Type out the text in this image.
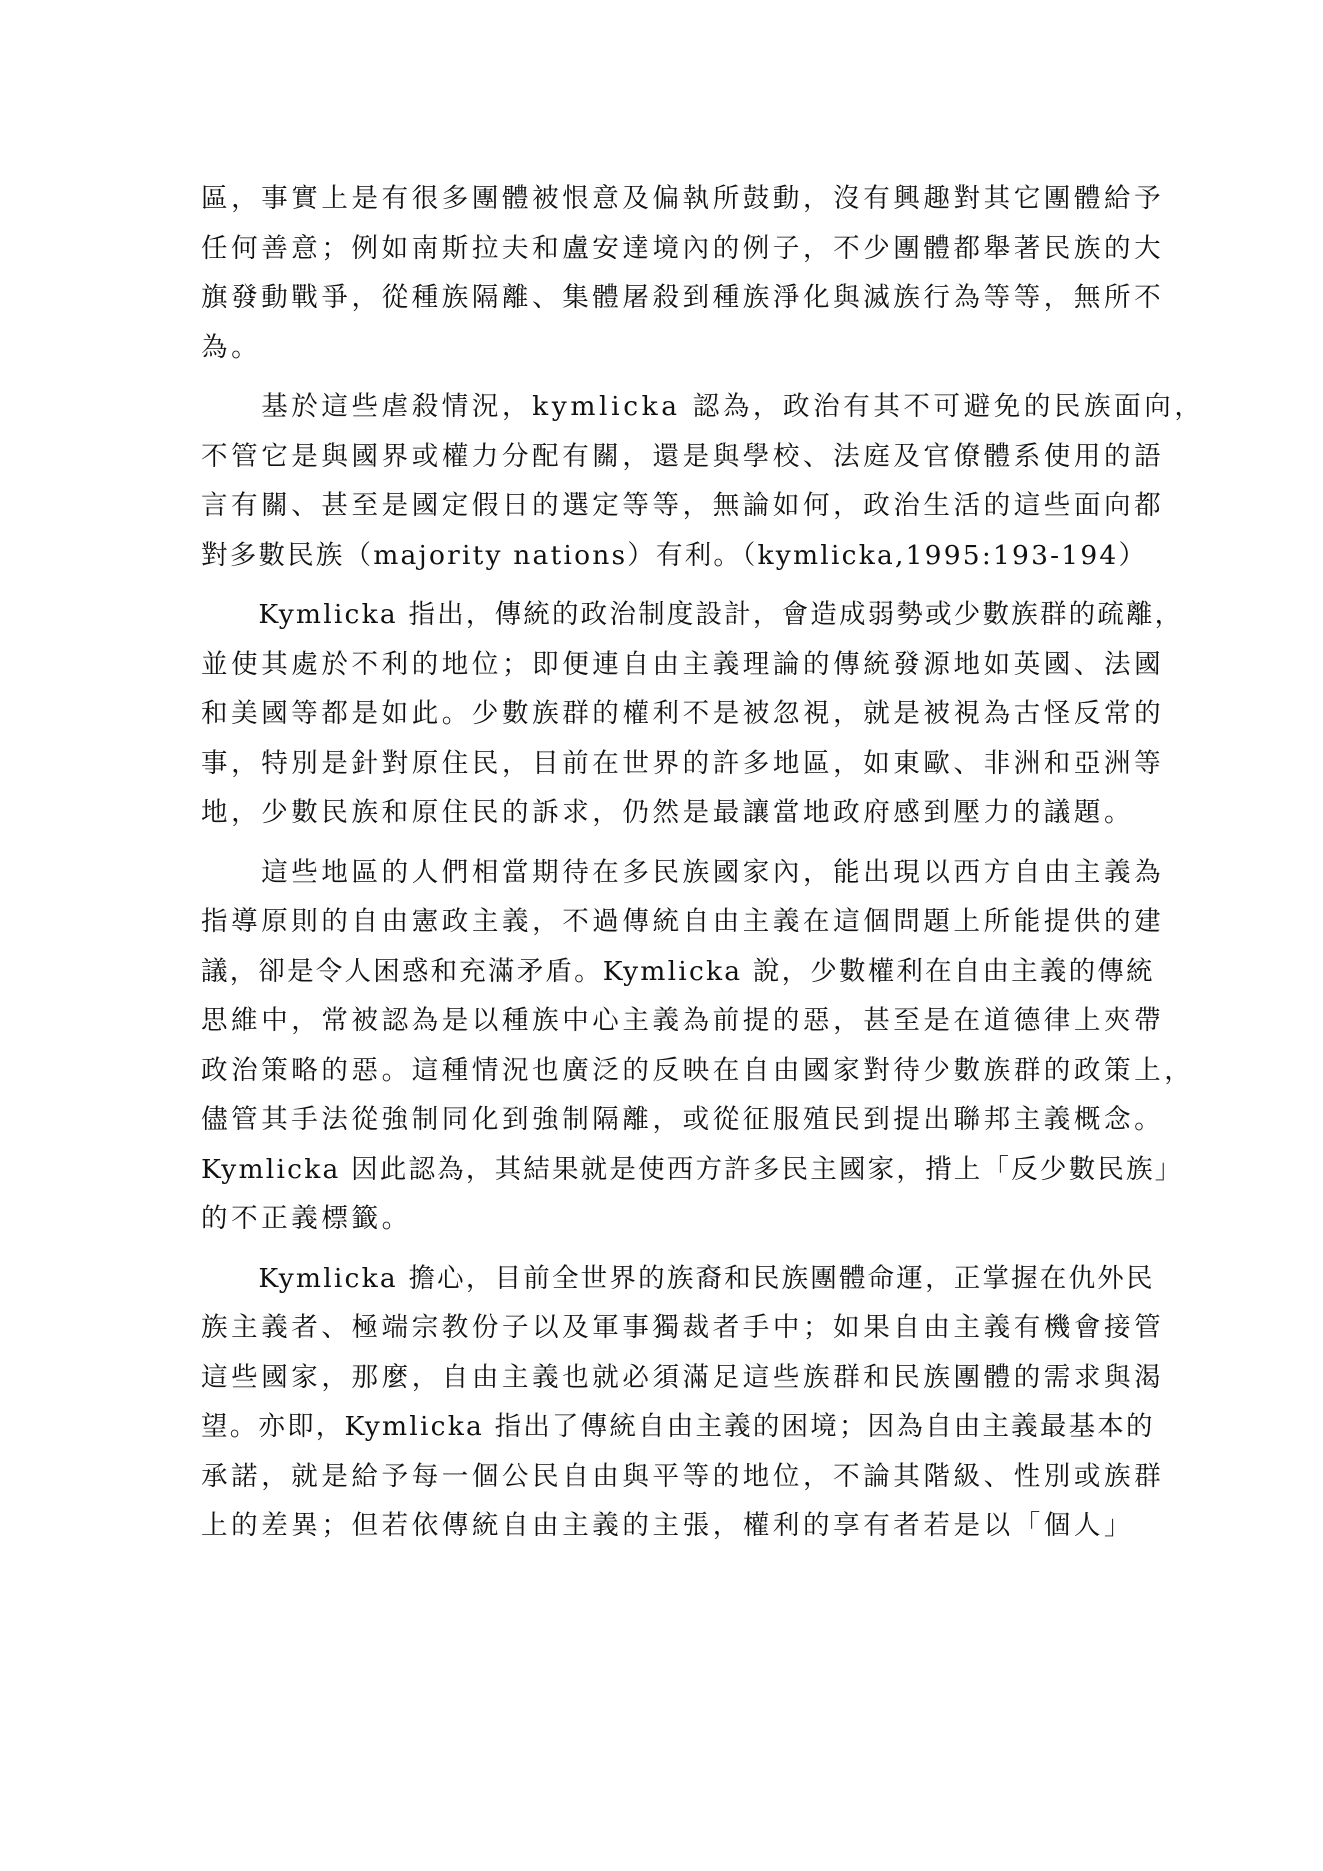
區，事實上是有很多團體被恨意及偏執所鼓動，沒有興趣對其它團體給予
任何善意；例如南斯拉夫和盧安達境內的例子，不少團體都舉著民族的大
旗發動戰爭，從種族隔離、集體屠殺到種族淨化與滅族行為等等，無所不
為。
　　基於這些虐殺情況，kymlicka 認為，政治有其不可避免的民族面向，
不管它是與國界或權力分配有關，還是與學校、法庭及官僚體系使用的語
言有關、甚至是國定假日的選定等等，無論如何，政治生活的這些面向都
對多數民族（majority nations）有利。（kymlicka,1995:193-194）
　　Kymlicka 指出，傳統的政治制度設計，會造成弱勢或少數族群的疏離，
並使其處於不利的地位；即便連自由主義理論的傳統發源地如英國、法國
和美國等都是如此。少數族群的權利不是被忽視，就是被視為古怪反常的
事，特別是針對原住民，目前在世界的許多地區，如東歐、非洲和亞洲等
地，少數民族和原住民的訴求，仍然是最讓當地政府感到壓力的議題。
　　這些地區的人們相當期待在多民族國家內，能出現以西方自由主義為
指導原則的自由憲政主義，不過傳統自由主義在這個問題上所能提供的建
議，卻是令人困惑和充滿矛盾。Kymlicka 說，少數權利在自由主義的傳統
思維中，常被認為是以種族中心主義為前提的惡，甚至是在道德律上夾帶
政治策略的惡。這種情況也廣泛的反映在自由國家對待少數族群的政策上，
儘管其手法從強制同化到強制隔離，或從征服殖民到提出聯邦主義概念。
Kymlicka 因此認為，其結果就是使西方許多民主國家，揹上「反少數民族」
的不正義標籤。
　　Kymlicka 擔心，目前全世界的族裔和民族團體命運，正掌握在仇外民
族主義者、極端宗教份子以及軍事獨裁者手中；如果自由主義有機會接管
這些國家，那麼，自由主義也就必須滿足這些族群和民族團體的需求與渴
望。亦即，Kymlicka 指出了傳統自由主義的困境；因為自由主義最基本的
承諾，就是給予每一個公民自由與平等的地位，不論其階級、性別或族群
上的差異；但若依傳統自由主義的主張，權利的享有者若是以「個人」
